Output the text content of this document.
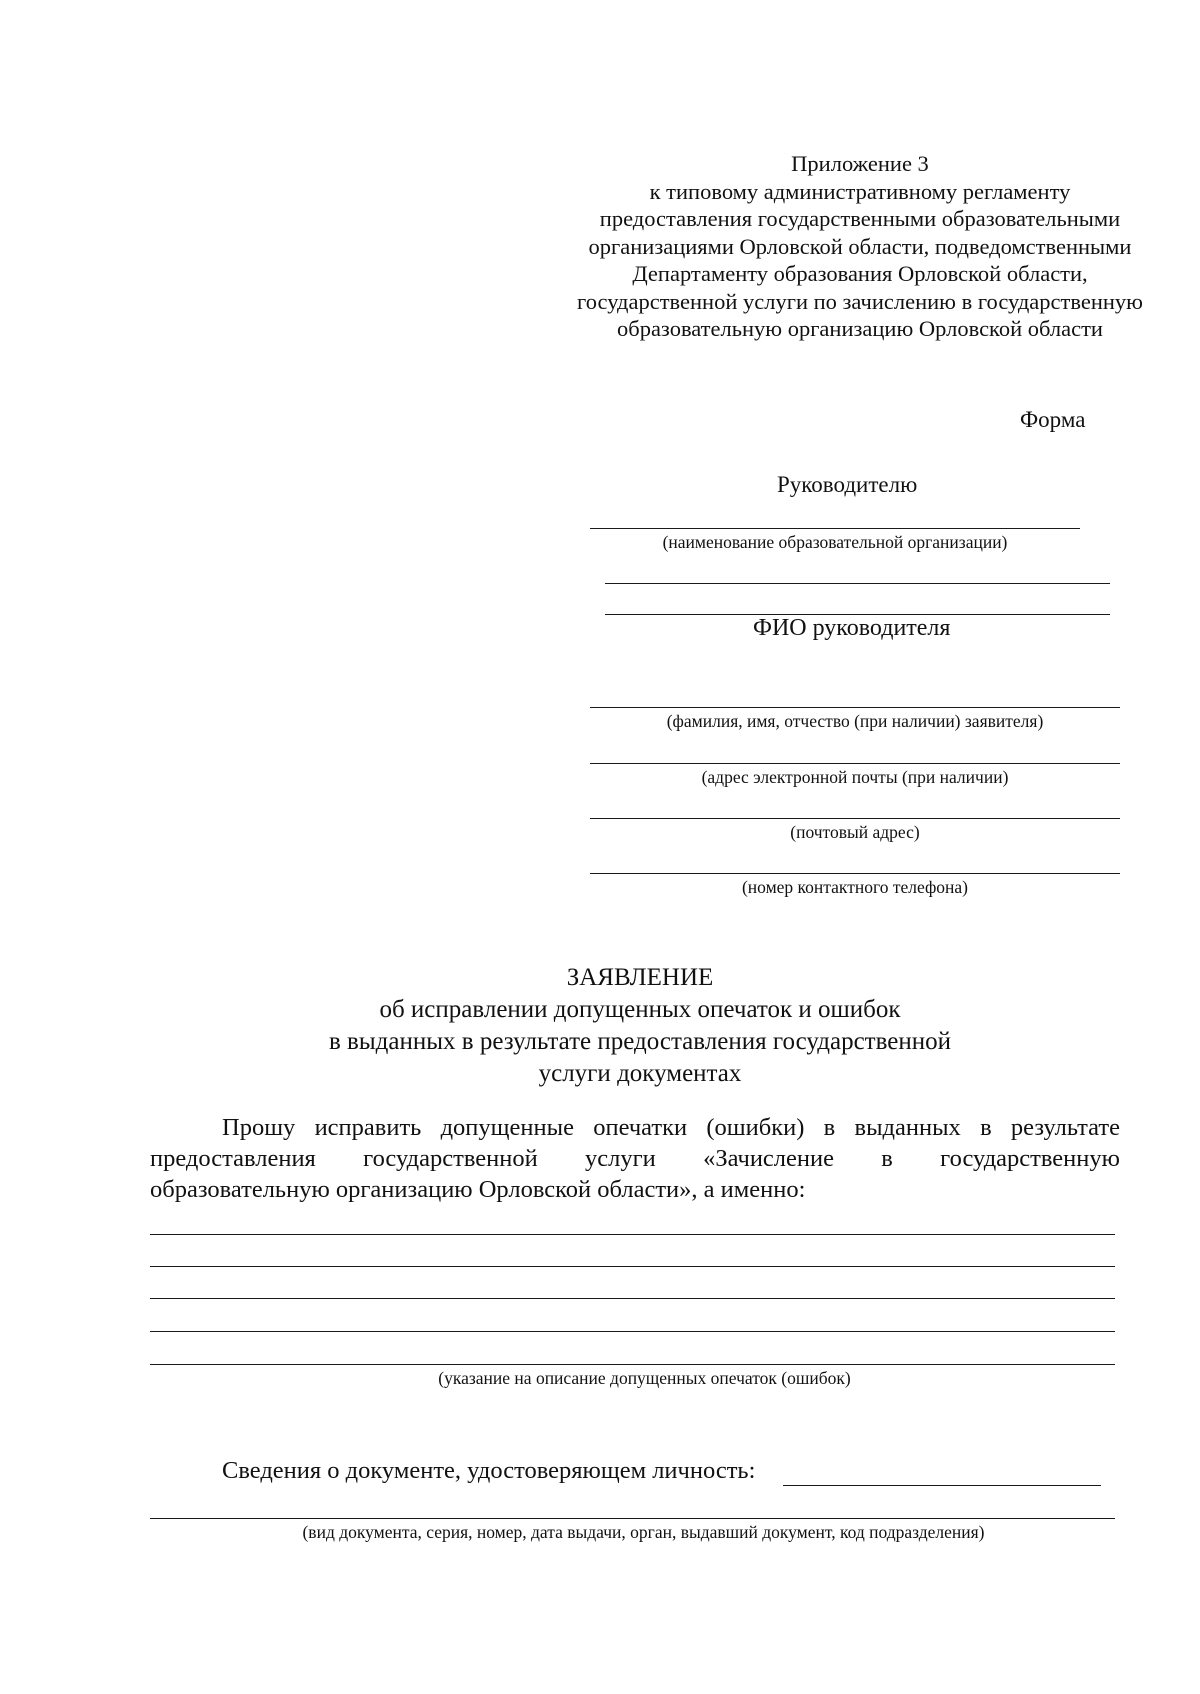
Приложение 3
к типовому административному регламенту
предоставления государственными образовательными
организациями Орловской области, подведомственными
Департаменту образования Орловской области,
государственной услуги по зачислению в государственную
образовательную организацию Орловской области
Форма
Руководителю
(наименование образовательной организации)
ФИО руководителя
(фамилия, имя, отчество (при наличии) заявителя)
(адрес электронной почты (при наличии)
(почтовый адрес)
(номер контактного телефона)
ЗАЯВЛЕНИЕ
об исправлении допущенных опечаток и ошибок
в выданных в результате предоставления государственной
услуги документах
Прошу исправить допущенные опечатки (ошибки) в выданных в результате
предоставления государственной услуги «Зачисление в государственную
образовательную организацию Орловской области», а именно:
(указание на описание допущенных опечаток (ошибок)
Сведения о документе, удостоверяющем личность:
(вид документа, серия, номер, дата выдачи, орган, выдавший документ, код подразделения)
